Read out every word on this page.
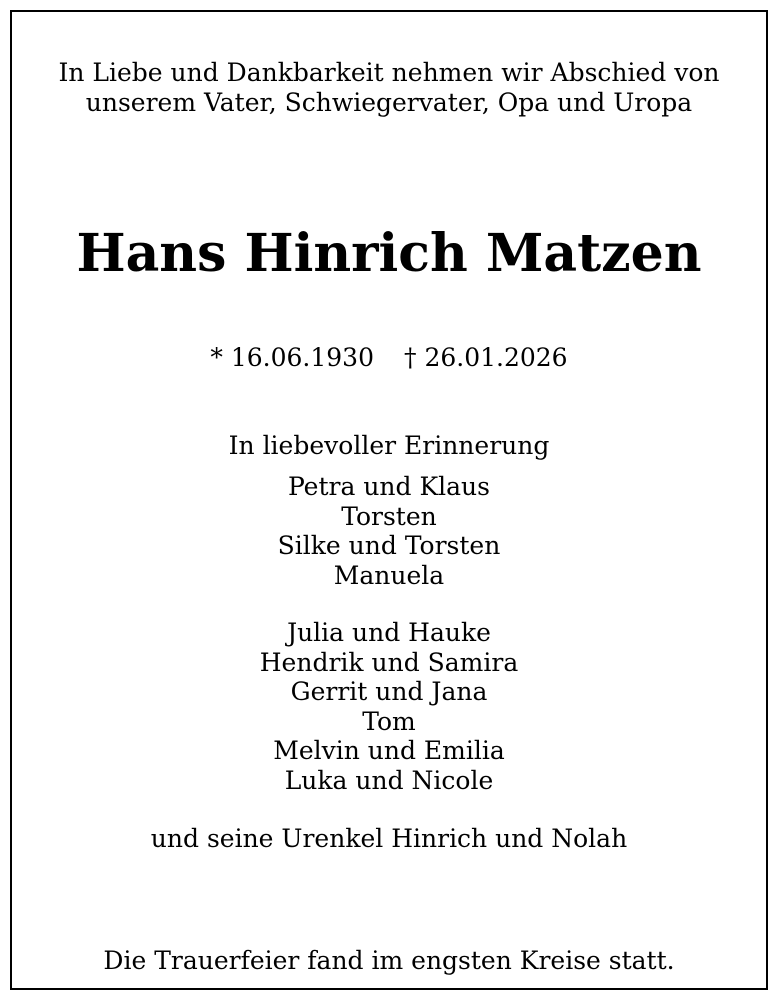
In Liebe und Dankbarkeit nehmen wir Abschied von
unserem Vater, Schwiegervater, Opa und Uropa
Hans Hinrich Matzen
* 16.06.1930 † 26.01.2026
In liebevoller Erinnerung
Petra und Klaus
Torsten
Silke und Torsten
Manuela
Julia und Hauke
Hendrik und Samira
Gerrit und Jana
Tom
Melvin und Emilia
Luka und Nicole
und seine Urenkel Hinrich und Nolah
Die Trauerfeier fand im engsten Kreise statt.
